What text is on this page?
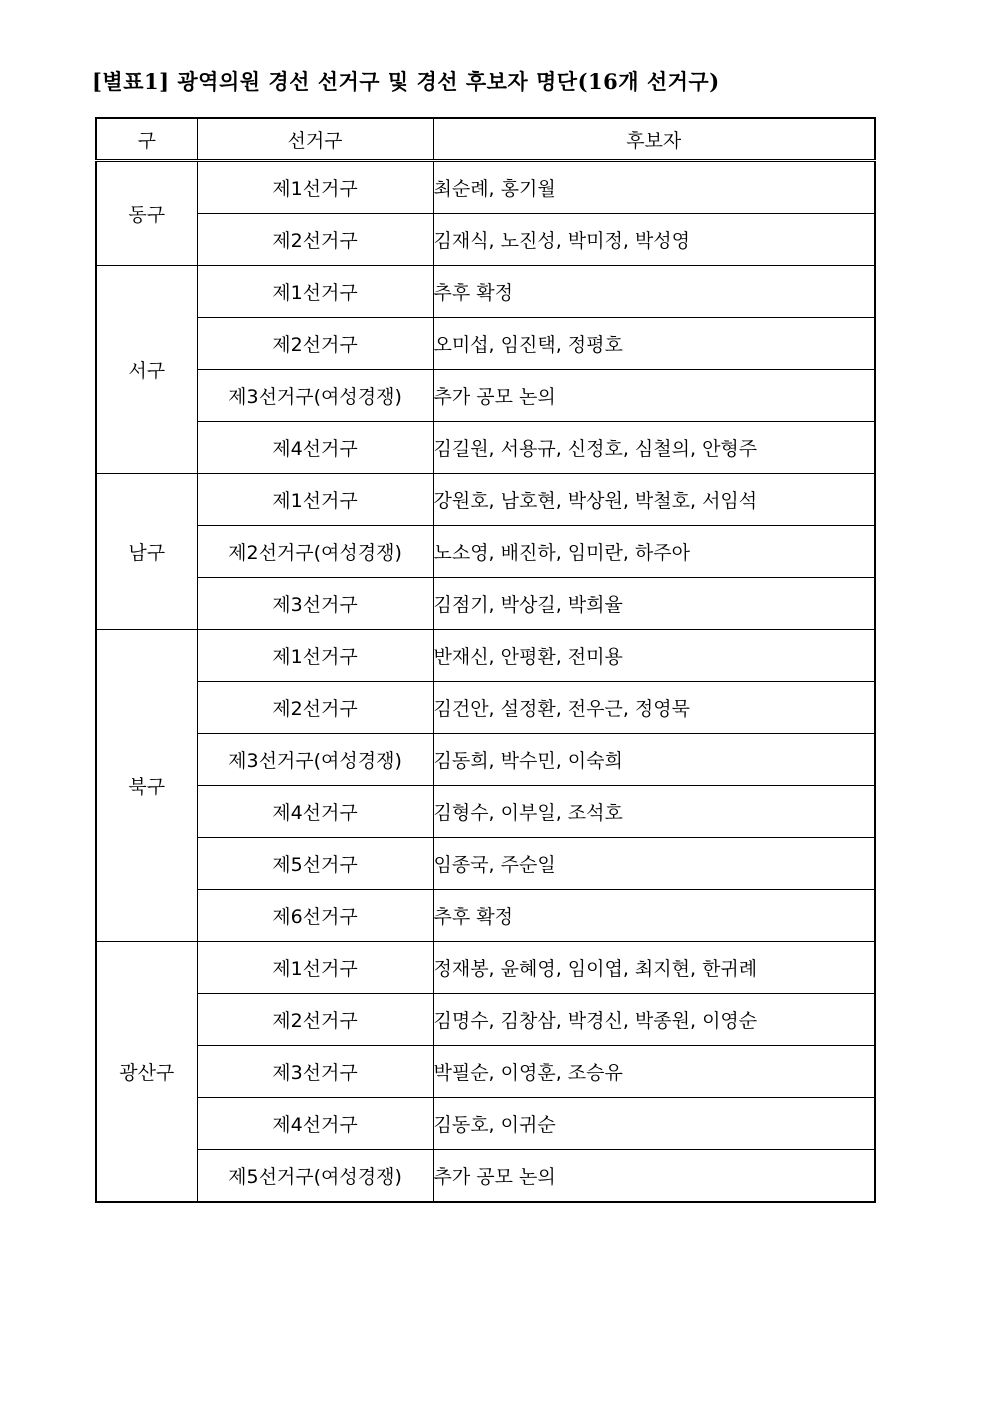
[별표1] 광역의원 경선 선거구 및 경선 후보자 명단(16개 선거구)
구	선거구	후보자
동구	제1선거구	최순례, 홍기월
	제2선거구	김재식, 노진성, 박미정, 박성영
서구	제1선거구	추후 확정
	제2선거구	오미섭, 임진택, 정평호
	제3선거구(여성경쟁)	추가 공모 논의
	제4선거구	김길원, 서용규, 신정호, 심철의, 안형주
남구	제1선거구	강원호, 남호현, 박상원, 박철호, 서임석
	제2선거구(여성경쟁)	노소영, 배진하, 임미란, 하주아
	제3선거구	김점기, 박상길, 박희율
북구	제1선거구	반재신, 안평환, 전미용
	제2선거구	김건안, 설정환, 전우근, 정영묵
	제3선거구(여성경쟁)	김동희, 박수민, 이숙희
	제4선거구	김형수, 이부일, 조석호
	제5선거구	임종국, 주순일
	제6선거구	추후 확정
광산구	제1선거구	정재봉, 윤혜영, 임이엽, 최지현, 한귀례
	제2선거구	김명수, 김창삼, 박경신, 박종원, 이영순
	제3선거구	박필순, 이영훈, 조승유
	제4선거구	김동호, 이귀순
	제5선거구(여성경쟁)	추가 공모 논의
